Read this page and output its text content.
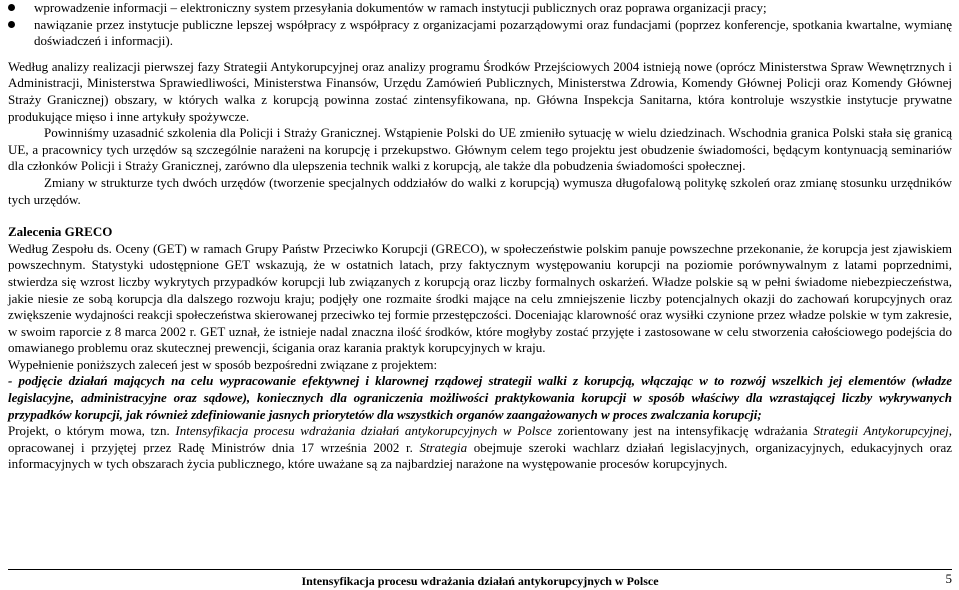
wprowadzenie informacji – elektroniczny system przesyłania dokumentów w ramach instytucji publicznych oraz poprawa organizacji pracy;
nawiązanie przez instytucje publiczne lepszej współpracy z współpracy z organizacjami pozarządowymi oraz fundacjami (poprzez konferencje, spotkania kwartalne, wymianę doświadczeń i informacji).

Według analizy realizacji pierwszej fazy Strategii Antykorupcyjnej oraz analizy programu Środków Przejściowych 2004 istnieją nowe (oprócz Ministerstwa Spraw Wewnętrznych i Administracji, Ministerstwa Sprawiedliwości, Ministerstwa Finansów, Urzędu Zamówień Publicznych, Ministerstwa Zdrowia, Komendy Głównej Policji oraz Komendy Głównej Straży Granicznej) obszary, w których walka z korupcją powinna zostać zintensyfikowana, np. Główna Inspekcja Sanitarna, która kontroluje wszystkie instytucje prywatne produkujące mięso i inne artykuły spożywcze.

Powinniśmy uzasadnić szkolenia dla Policji i Straży Granicznej. Wstąpienie Polski do UE zmieniło sytuację w wielu dziedzinach. Wschodnia granica Polski stała się granicą UE, a pracownicy tych urzędów są szczególnie narażeni na korupcję i przekupstwo. Głównym celem tego projektu jest obudzenie świadomości, będącym kontynuacją seminariów dla członków Policji i Straży Granicznej, zarówno dla ulepszenia technik walki z korupcją, ale także dla pobudzenia świadomości społecznej.

Zmiany w strukturze tych dwóch urzędów (tworzenie specjalnych oddziałów do walki z korupcją) wymusza długofalową politykę szkoleń oraz zmianę stosunku urzędników tych urzędów.

Zalecenia GRECO

Według Zespołu ds. Oceny (GET) w ramach Grupy Państw Przeciwko Korupcji (GRECO), w społeczeństwie polskim panuje powszechne przekonanie, że korupcja jest zjawiskiem powszechnym. Statystyki udostępnione GET wskazują, że w ostatnich latach, przy faktycznym występowaniu korupcji na poziomie porównywalnym z latami poprzednimi, stwierdza się wzrost liczby wykrytych przypadków korupcji lub związanych z korupcją oraz liczby formalnych oskarżeń. Władze polskie są w pełni świadome niebezpieczeństwa, jakie niesie ze sobą korupcja dla dalszego rozwoju kraju; podjęły one rozmaite środki mające na celu zmniejszenie liczby potencjalnych okazji do zachowań korupcyjnych oraz zwiększenie wydajności reakcji społeczeństwa skierowanej przeciwko tej formie przestępczości. Doceniając klarowność oraz wysiłki czynione przez władze polskie w tym zakresie, w swoim raporcie z 8 marca 2002 r. GET uznał, że istnieje nadal znaczna ilość środków, które mogłyby zostać przyjęte i zastosowane w celu stworzenia całościowego podejścia do omawianego problemu oraz skutecznej prewencji, ścigania oraz karania praktyk korupcyjnych w kraju.

Wypełnienie poniższych zaleceń jest w sposób bezpośredni związane z projektem:

- podjęcie działań mających na celu wypracowanie efektywnej i klarownej rządowej strategii walki z korupcją, włączając w to rozwój wszelkich jej elementów (władze legislacyjne, administracyjne oraz sądowe), koniecznych dla ograniczenia możliwości praktykowania korupcji w sposób właściwy dla wzrastającej liczby wykrywanych przypadków korupcji, jak również zdefiniowanie jasnych priorytetów dla wszystkich organów zaangażowanych w proces zwalczania korupcji;

Projekt, o którym mowa, tzn. Intensyfikacja procesu wdrażania działań antykorupcyjnych w Polsce zorientowany jest na intensyfikację wdrażania Strategii Antykorupcyjnej, opracowanej i przyjętej przez Radę Ministrów dnia 17 września 2002 r. Strategia obejmuje szeroki wachlarz działań legislacyjnych, organizacyjnych, edukacyjnych oraz informacyjnych w tych obszarach życia publicznego, które uważane są za najbardziej narażone na występowanie procesów korupcyjnych.

Intensyfikacja procesu wdrażania działań antykorupcyjnych w Polsce	5
